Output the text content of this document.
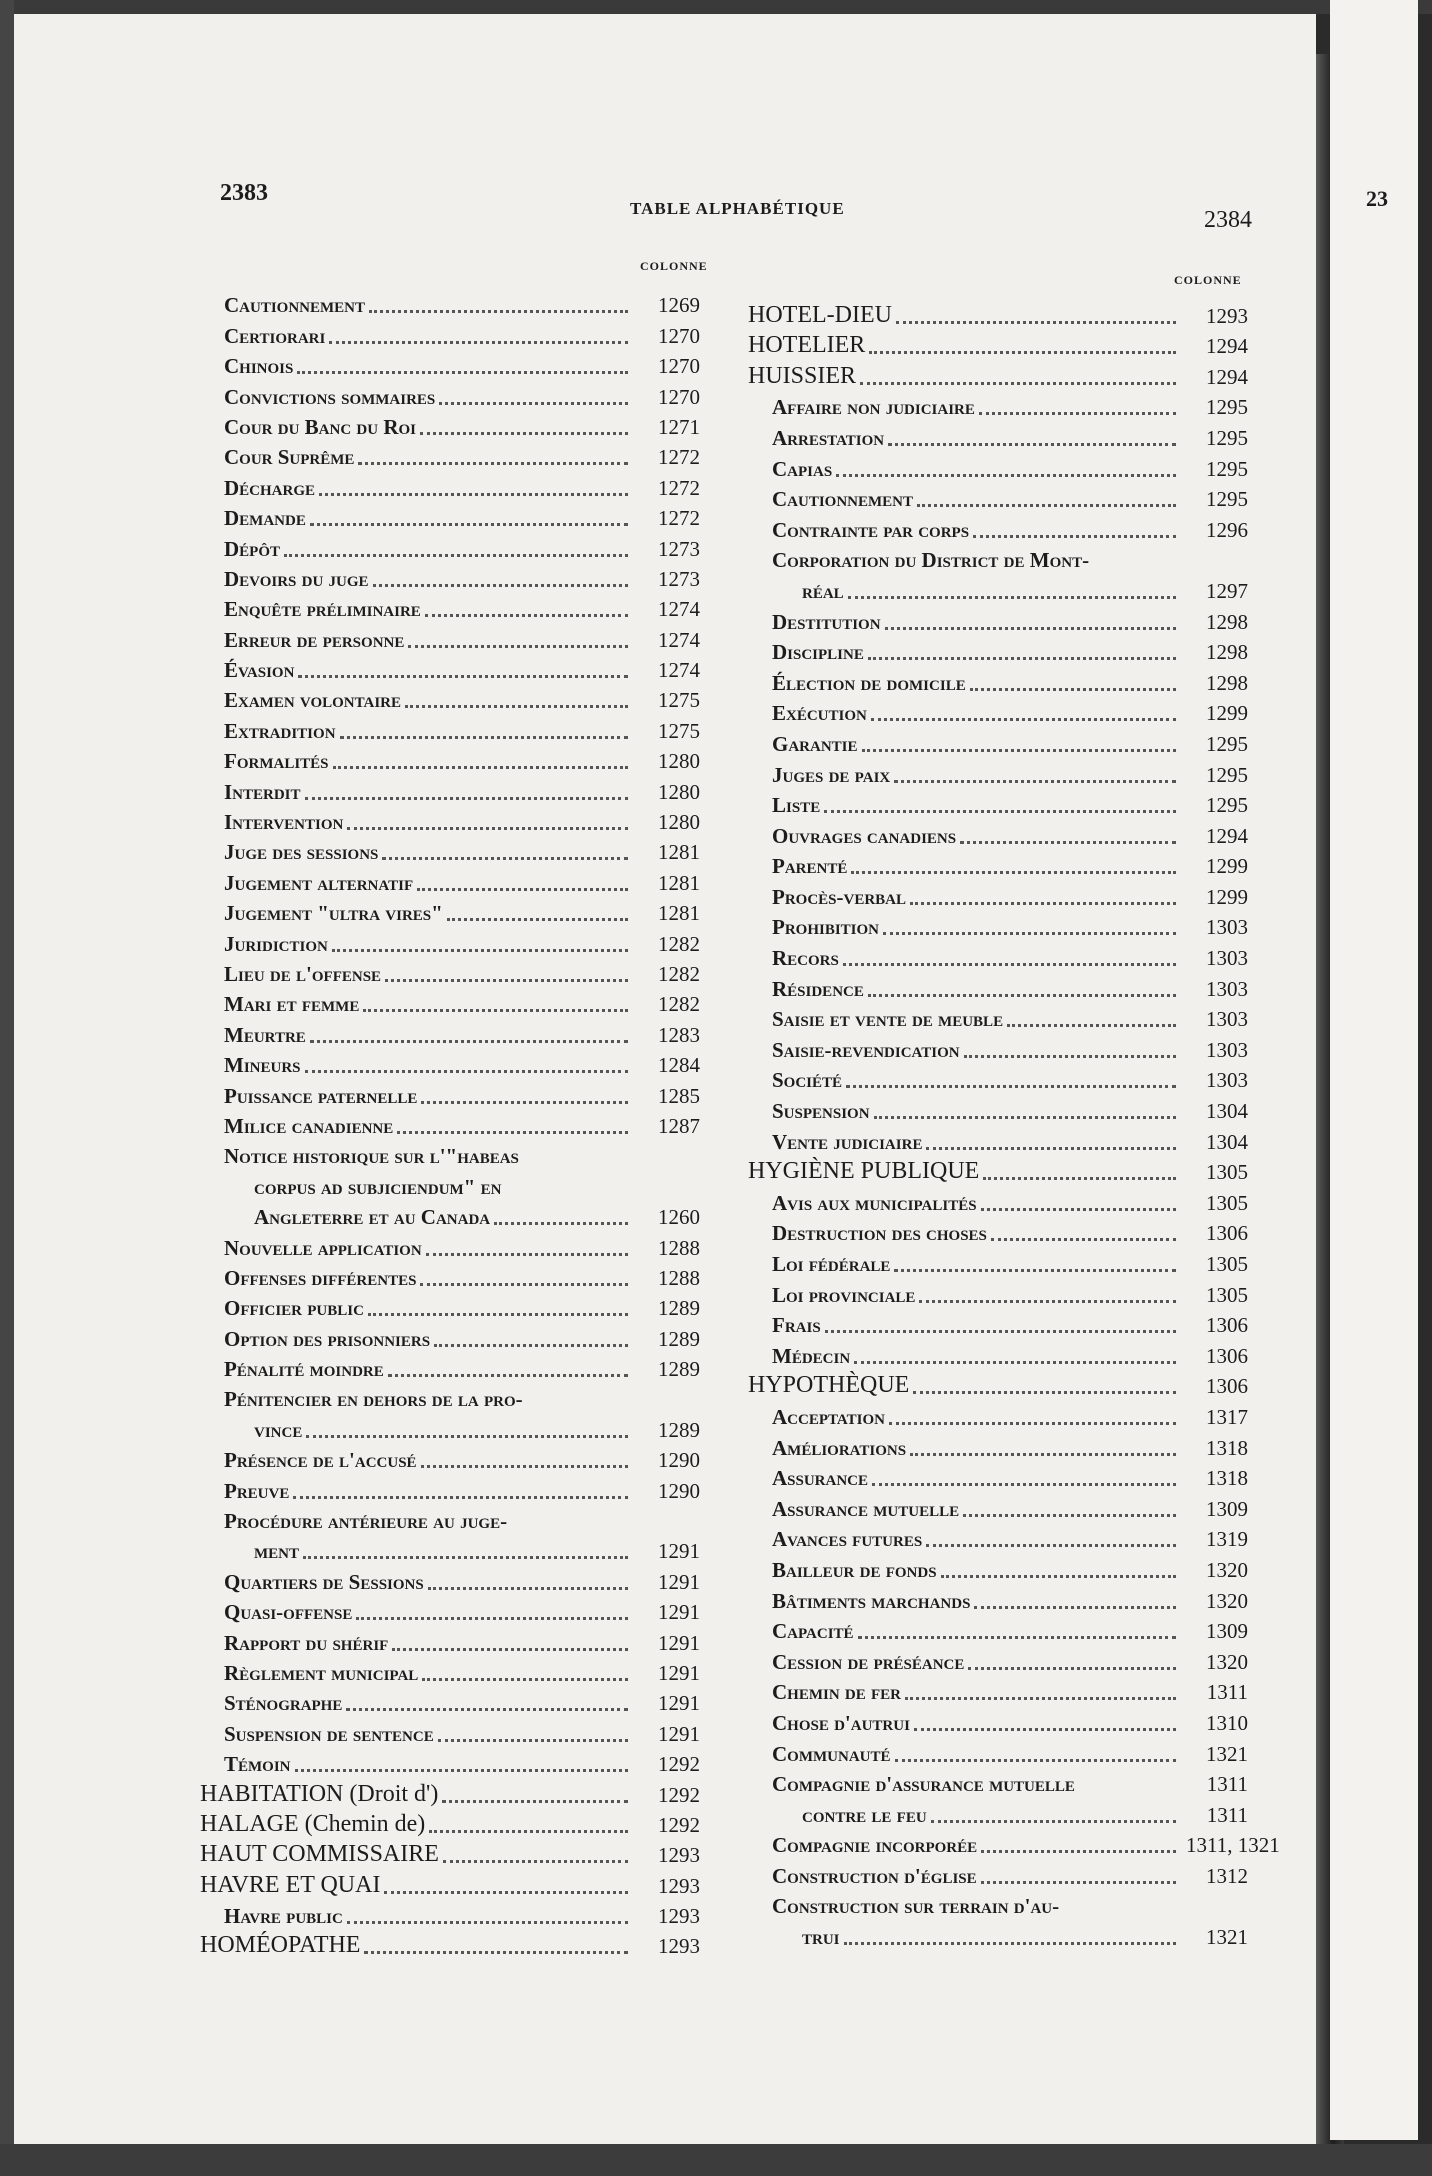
2383
TABLE ALPHABÉTIQUE	2384
COLONNE
COLONNE
Cautionnement	1269
Certiorari	1270
Chinois	1270
Convictions sommaires	1270
Cour du Banc du Roi	1271
Cour Suprême	1272
Décharge	1272
Demande	1272
Dépôt	1273
Devoirs du juge	1273
Enquête préliminaire	1274
Erreur de personne	1274
Évasion	1274
Examen volontaire	1275
Extradition	1275
Formalités	1280
Interdit	1280
Intervention	1280
Juge des sessions	1281
Jugement alternatif	1281
Jugement "ultra vires"	1281
Juridiction	1282
Lieu de l'offense	1282
Mari et femme	1282
Meurtre	1283
Mineurs	1284
Puissance paternelle	1285
Milice canadienne	1287
Notice historique sur l'"habeas
corpus ad subjiciendum" en
Angleterre et au Canada	1260
Nouvelle application	1288
Offenses différentes	1288
Officier public	1289
Option des prisonniers	1289
Pénalité moindre	1289
Pénitencier en dehors de la pro-
vince	1289
Présence de l'accusé	1290
Preuve	1290
Procédure antérieure au juge-
ment	1291
Quartiers de Sessions	1291
Quasi-offense	1291
Rapport du shérif	1291
Règlement municipal	1291
Sténographe	1291
Suspension de sentence	1291
Témoin	1292
HABITATION (Droit d')	1292
HALAGE (Chemin de)	1292
HAUT COMMISSAIRE	1293
HAVRE ET QUAI	1293
Havre public	1293
HOMÉOPATHE	1293
HOTEL-DIEU	1293
HOTELIER	1294
HUISSIER	1294
Affaire non judiciaire	1295
Arrestation	1295
Capias	1295
Cautionnement	1295
Contrainte par corps	1296
Corporation du District de Mont-
réal	1297
Destitution	1298
Discipline	1298
Élection de domicile	1298
Exécution	1299
Garantie	1295
Juges de paix	1295
Liste	1295
Ouvrages canadiens	1294
Parenté	1299
Procès-verbal	1299
Prohibition	1303
Recors	1303
Résidence	1303
Saisie et vente de meuble	1303
Saisie-revendication	1303
Société	1303
Suspension	1304
Vente judiciaire	1304
HYGIÈNE PUBLIQUE	1305
Avis aux municipalités	1305
Destruction des choses	1306
Loi fédérale	1305
Loi provinciale	1305
Frais	1306
Médecin	1306
HYPOTHÈQUE	1306
Acceptation	1317
Améliorations	1318
Assurance	1318
Assurance mutuelle	1309
Avances futures	1319
Bailleur de fonds	1320
Bâtiments marchands	1320
Capacité	1309
Cession de préséance	1320
Chemin de fer	1311
Chose d'autrui	1310
Communauté	1321
Compagnie d'assurance mutuelle	1311
contre le feu	1311
Compagnie incorporée	1311, 1321
Construction d'église	1312
Construction sur terrain d'au-
trui	1321
23
